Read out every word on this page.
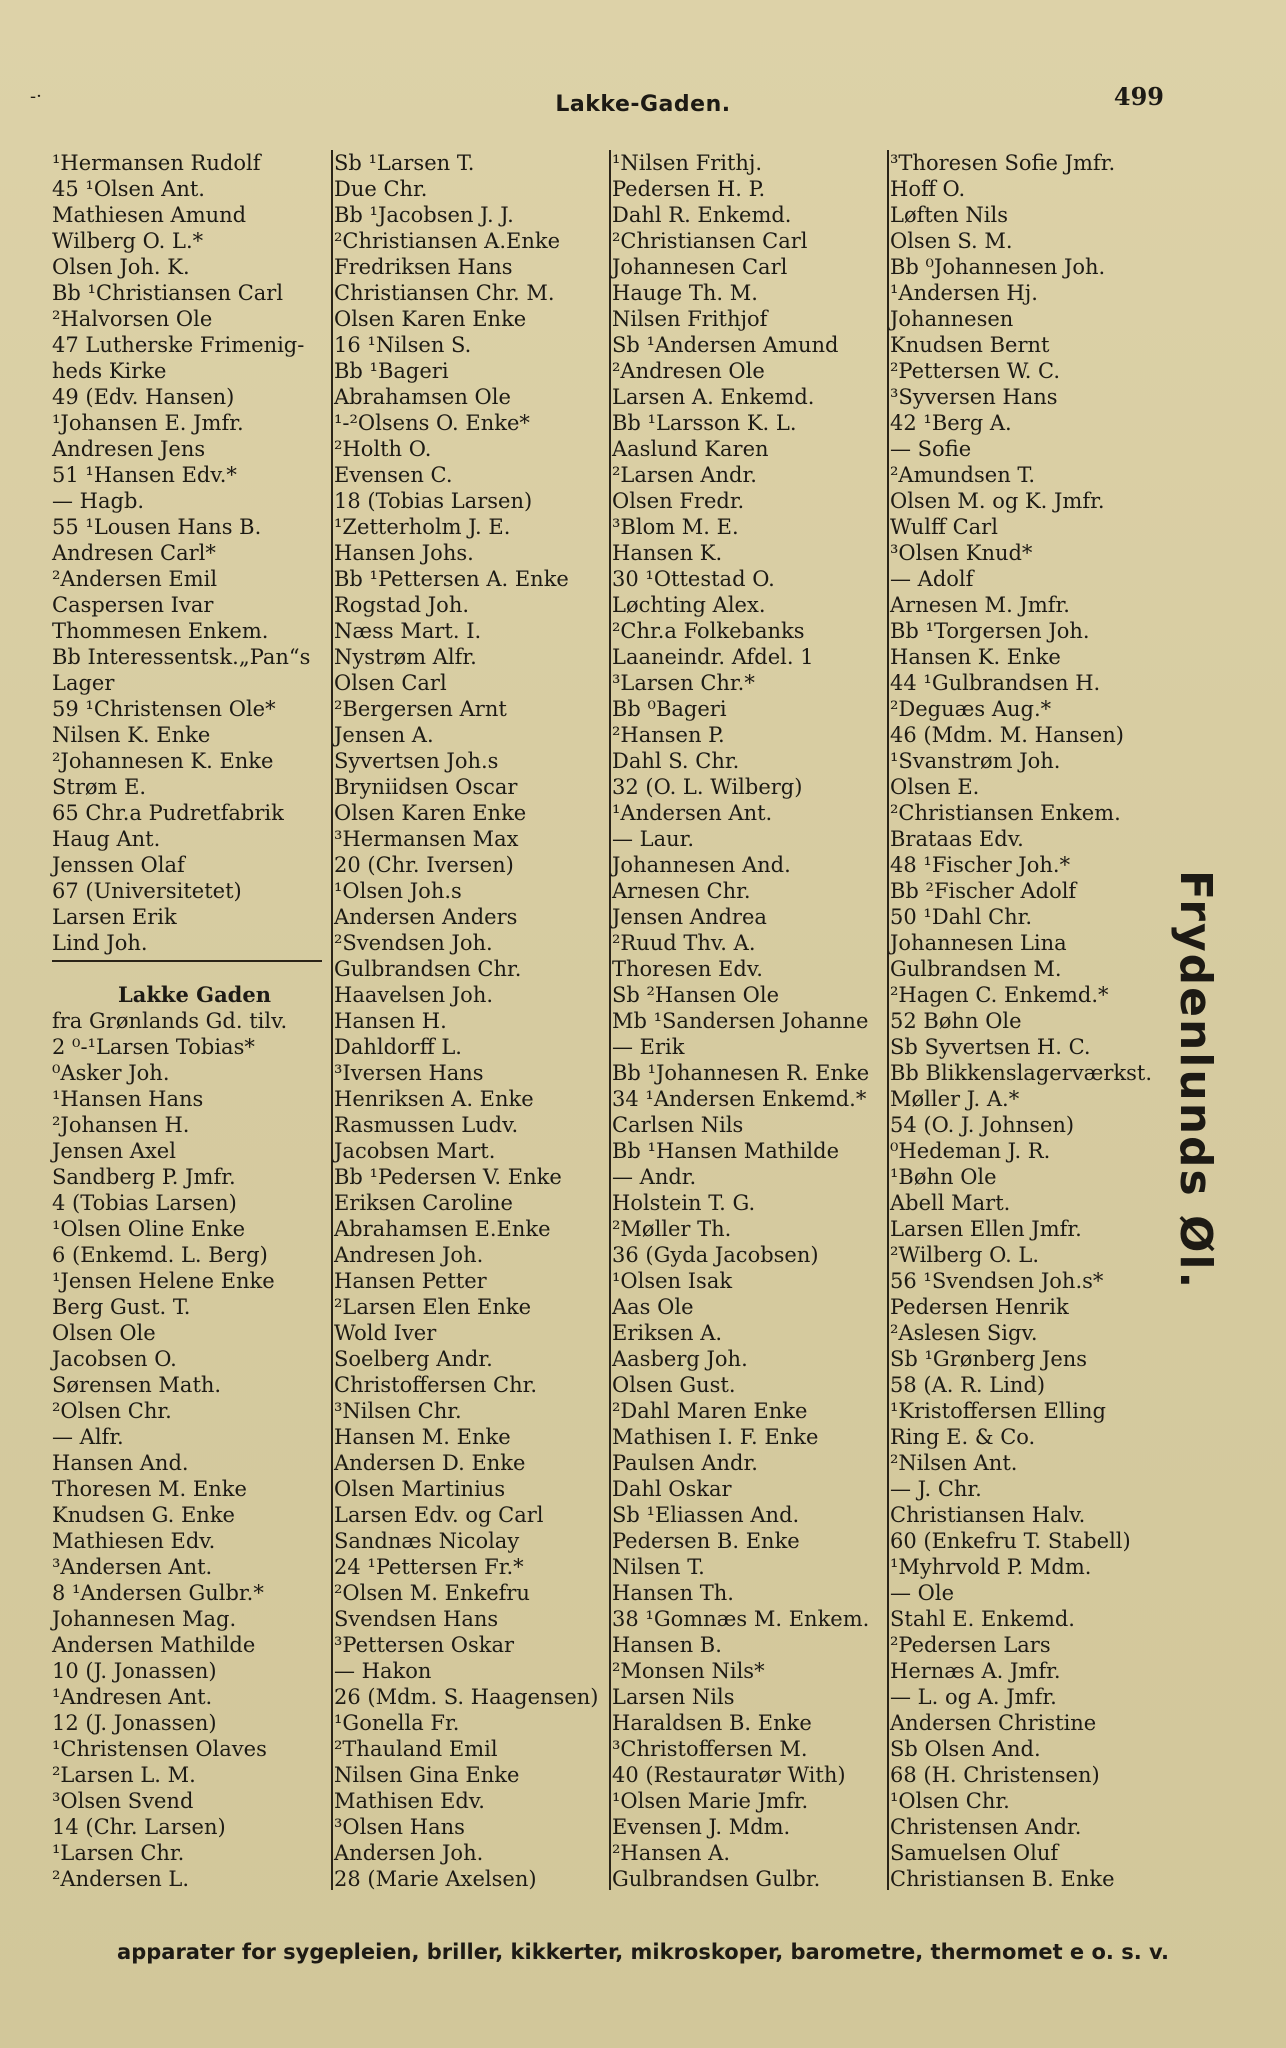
-·	Lakke-Gaden.	499
¹Hermansen Rudolf
45 ¹Olsen Ant.
Mathiesen Amund
Wilberg O. L.*
Olsen Joh. K.
Bb ¹Christiansen Carl
²Halvorsen Ole
47 Lutherske Frimenig-
heds Kirke
49 (Edv. Hansen)
¹Johansen E. Jmfr.
Andresen Jens
51 ¹Hansen Edv.*
— Hagb.
55 ¹Lousen Hans B.
Andresen Carl*
²Andersen Emil
Caspersen Ivar
Thommesen Enkem.
Bb Interessentsk.„Pan“s
Lager
59 ¹Christensen Ole*
Nilsen K. Enke
²Johannesen K. Enke
Strøm E.
65 Chr.a Pudretfabrik
Haug Ant.
Jenssen Olaf
67 (Universitetet)
Larsen Erik
Lind Joh.
Lakke Gaden
fra Grønlands Gd. tilv.
2 ⁰-¹Larsen Tobias*
⁰Asker Joh.
¹Hansen Hans
²Johansen H.
Jensen Axel
Sandberg P. Jmfr.
4 (Tobias Larsen)
¹Olsen Oline Enke
6 (Enkemd. L. Berg)
¹Jensen Helene Enke
Berg Gust. T.
Olsen Ole
Jacobsen O.
Sørensen Math.
²Olsen Chr.
— Alfr.
Hansen And.
Thoresen M. Enke
Knudsen G. Enke
Mathiesen Edv.
³Andersen Ant.
8 ¹Andersen Gulbr.*
Johannesen Mag.
Andersen Mathilde
10 (J. Jonassen)
¹Andresen Ant.
12 (J. Jonassen)
¹Christensen Olaves
²Larsen L. M.
³Olsen Svend
14 (Chr. Larsen)
¹Larsen Chr.
²Andersen L.
Sb ¹Larsen T.
Due Chr.
Bb ¹Jacobsen J. J.
²Christiansen A.Enke
Fredriksen Hans
Christiansen Chr. M.
Olsen Karen Enke
16 ¹Nilsen S.
Bb ¹Bageri
Abrahamsen Ole
¹-²Olsens O. Enke*
²Holth O.
Evensen C.
18 (Tobias Larsen)
¹Zetterholm J. E.
Hansen Johs.
Bb ¹Pettersen A. Enke
Rogstad Joh.
Næss Mart. I.
Nystrøm Alfr.
Olsen Carl
²Bergersen Arnt
Jensen A.
Syvertsen Joh.s
Bryniidsen Oscar
Olsen Karen Enke
³Hermansen Max
20 (Chr. Iversen)
¹Olsen Joh.s
Andersen Anders
²Svendsen Joh.
Gulbrandsen Chr.
Haavelsen Joh.
Hansen H.
Dahldorff L.
³Iversen Hans
Henriksen A. Enke
Rasmussen Ludv.
Jacobsen Mart.
Bb ¹Pedersen V. Enke
Eriksen Caroline
Abrahamsen E.Enke
Andresen Joh.
Hansen Petter
²Larsen Elen Enke
Wold Iver
Soelberg Andr.
Christoffersen Chr.
³Nilsen Chr.
Hansen M. Enke
Andersen D. Enke
Olsen Martinius
Larsen Edv. og Carl
Sandnæs Nicolay
24 ¹Pettersen Fr.*
²Olsen M. Enkefru
Svendsen Hans
³Pettersen Oskar
— Hakon
26 (Mdm. S. Haagensen)
¹Gonella Fr.
²Thauland Emil
Nilsen Gina Enke
Mathisen Edv.
³Olsen Hans
Andersen Joh.
28 (Marie Axelsen)
¹Nilsen Frithj.
Pedersen H. P.
Dahl R. Enkemd.
²Christiansen Carl
Johannesen Carl
Hauge Th. M.
Nilsen Frithjof
Sb ¹Andersen Amund
²Andresen Ole
Larsen A. Enkemd.
Bb ¹Larsson K. L.
Aaslund Karen
²Larsen Andr.
Olsen Fredr.
³Blom M. E.
Hansen K.
30 ¹Ottestad O.
Løchting Alex.
²Chr.a Folkebanks
Laaneindr. Afdel. 1
³Larsen Chr.*
Bb ⁰Bageri
²Hansen P.
Dahl S. Chr.
32 (O. L. Wilberg)
¹Andersen Ant.
— Laur.
Johannesen And.
Arnesen Chr.
Jensen Andrea
²Ruud Thv. A.
Thoresen Edv.
Sb ²Hansen Ole
Mb ¹Sandersen Johanne
— Erik
Bb ¹Johannesen R. Enke
34 ¹Andersen Enkemd.*
Carlsen Nils
Bb ¹Hansen Mathilde
— Andr.
Holstein T. G.
²Møller Th.
36 (Gyda Jacobsen)
¹Olsen Isak
Aas Ole
Eriksen A.
Aasberg Joh.
Olsen Gust.
²Dahl Maren Enke
Mathisen I. F. Enke
Paulsen Andr.
Dahl Oskar
Sb ¹Eliassen And.
Pedersen B. Enke
Nilsen T.
Hansen Th.
38 ¹Gomnæs M. Enkem.
Hansen B.
²Monsen Nils*
Larsen Nils
Haraldsen B. Enke
³Christoffersen M.
40 (Restauratør With)
¹Olsen Marie Jmfr.
Evensen J. Mdm.
²Hansen A.
Gulbrandsen Gulbr.
³Thoresen Sofie Jmfr.
Hoff O.
Løften Nils
Olsen S. M.
Bb ⁰Johannesen Joh.
¹Andersen Hj.
Johannesen
Knudsen Bernt
²Pettersen W. C.
³Syversen Hans
42 ¹Berg A.
— Sofie
²Amundsen T.
Olsen M. og K. Jmfr.
Wulff Carl
³Olsen Knud*
— Adolf
Arnesen M. Jmfr.
Bb ¹Torgersen Joh.
Hansen K. Enke
44 ¹Gulbrandsen H.
²Deguæs Aug.*
46 (Mdm. M. Hansen)
¹Svanstrøm Joh.
Olsen E.
²Christiansen Enkem.
Brataas Edv.
48 ¹Fischer Joh.*
Bb ²Fischer Adolf
50 ¹Dahl Chr.
Johannesen Lina
Gulbrandsen M.
²Hagen C. Enkemd.*
52 Bøhn Ole
Sb Syvertsen H. C.
Bb Blikkenslagerværkst.
Møller J. A.*
54 (O. J. Johnsen)
⁰Hedeman J. R.
¹Bøhn Ole
Abell Mart.
Larsen Ellen Jmfr.
²Wilberg O. L.
56 ¹Svendsen Joh.s*
Pedersen Henrik
²Aslesen Sigv.
Sb ¹Grønberg Jens
58 (A. R. Lind)
¹Kristoffersen Elling
Ring E. & Co.
²Nilsen Ant.
— J. Chr.
Christiansen Halv.
60 (Enkefru T. Stabell)
¹Myhrvold P. Mdm.
— Ole
Stahl E. Enkemd.
²Pedersen Lars
Hernæs A. Jmfr.
— L. og A. Jmfr.
Andersen Christine
Sb Olsen And.
68 (H. Christensen)
¹Olsen Chr.
Christensen Andr.
Samuelsen Oluf
Christiansen B. Enke
Frydenlunds Øl.
apparater for sygepleien, briller, kikkerter, mikroskoper, barometre, thermomet e o. s. v.
